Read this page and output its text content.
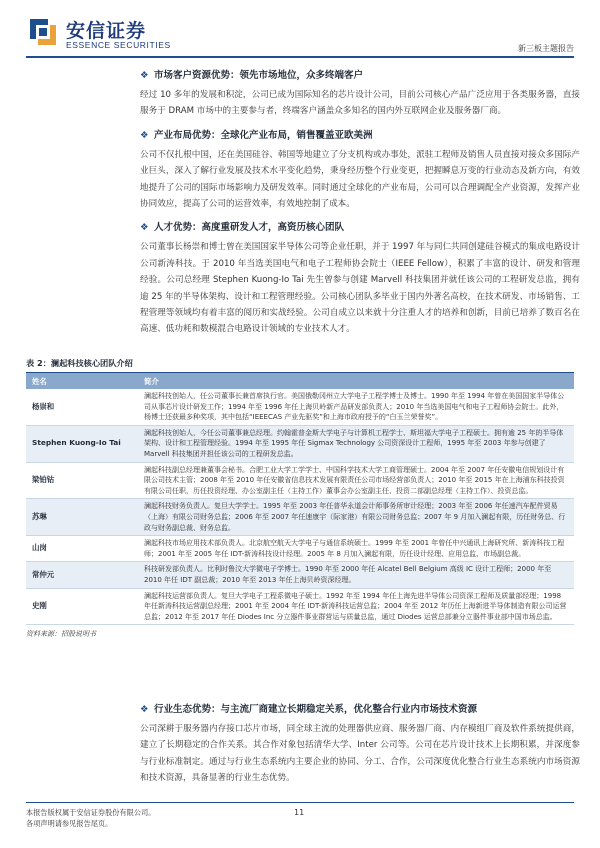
安信证券
ESSENCE SECURITIES	新三板主题报告
❖ 市场客户资源优势：领先市场地位，众多终端客户

经过 10 多年的发展和积淀，公司已成为国际知名的芯片设计公司，目前公司核心产品广泛应用于各类服务器，直接服务于 DRAM 市场中的主要参与者，终端客户涵盖众多知名的国内外互联网企业及服务器厂商。

❖ 产业布局优势：全球化产业布局，销售覆盖亚欧美洲

公司不仅扎根中国，还在美国硅谷、韩国等地建立了分支机构或办事处，派驻工程师及销售人员直接对接众多国际产业巨头，深入了解行业发展及技术水平变化趋势，秉身经历整个行业变更，把握瞬息万变的行业动态及新方向，有效地提升了公司的国际市场影响力及研发效率。同时通过全球化的产业布局，公司可以合理调配全产业资源，发挥产业协同效应，提高了公司的运营效率，有效地控制了成本。

❖ 人才优势：高度重研发人才，高资历核心团队

公司董事长杨崇和博士曾在美国国家半导体公司等企业任职，并于 1997 年与同仁共同创建硅谷模式的集成电路设计公司新涛科技。于 2010 年当选美国电气和电子工程师协会院士（IEEE Fellow），积累了丰富的设计、研发和管理经验。公司总经理 Stephen Kuong-Io Tai 先生曾参与创建 Marvell 科技集团并就任该公司的工程研发总监，拥有逾 25 年的半导体架构、设计和工程管理经验。公司核心团队多毕业于国内外著名高校，在技术研发、市场销售、工程管理等领域均有着丰富的阅历和实战经验。公司自成立以来就十分注重人才的培养和创新，目前已培养了数百名在高速、低功耗和数模混合电路设计领域的专业技术人才。

表 2：澜起科技核心团队介绍
姓名	简介
杨崇和	澜起科技创始人，任公司董事长兼首席执行官。美国俄勒冈州立大学电子工程学博士及博士。1990 年至 1994 年曾在美国国家半导体公司从事芯片设计研发工作；1994 年至 1996 年任上海贝岭新产品研发部负责人；2010 年当选美国电气和电子工程师协会院士。此外，杨博士还获最多种奖项，其中包括“IEEECAS 产业先驱奖”和上海市政府授予的“白玉兰荣誉奖”。
Stephen Kuong-Io Tai	澜起科技创始人，今任公司董事兼总经理。约翰霍普金斯大学电子与计算机工程学士、斯坦福大学电子工程硕士。拥有逾 25 年的半导体架构、设计和工程管理经验。1994 年至 1995 年任 Sigmax Technology 公司资深设计工程师，1995 年至 2003 年参与创建了 Marvell 科技集团并担任该公司的工程研发总监。
梁铂钴	澜起科技副总经理兼董事会秘书。合肥工业大学工学学士、中国科学技术大学工商管理硕士。2004 年至 2007 年任安徽电信规划设计有限公司技术主管；2008 年至 2010 年任安徽省信息技术发展有限责任公司市场经营部负责人；2010 年至 2015 年在上海浦东科技投资有限公司任职，历任投资经理、办公室副主任（主持工作）董事会办公室副主任、投资二部副总经理（主持工作）、投资总监。
苏琳	澜起科技财务负责人。复旦大学学士。1995 年至 2003 年任普华永道会计师事务所审计经理；2003 年至 2006 年任速汽车配件贸易（上海）有限公司财务总监；2006 年至 2007 年任速康宇（际家港）有限公司财务总监；2007 年 9 月加入澜起有限，历任财务总、行政与财务副总裁、财务总监。
山岗	澜起科技市场应用技术部负责人。北京航空航天大学电子与通信系统硕士。1999 年至 2001 年曾任中兴通讯上海研究所、新涛科技工程师；2001 年至 2005 年任 IDT-新涛科技设计经理。2005 年 8 月加入澜起有限，历任设计经理、应用总监、市场副总裁。
常仲元	科技研发部负责人。比利时鲁汶大学微电子学博士。1990 年至 2000 年任 Alcatel Bell Belgium 高级 IC 设计工程师；2000 年至 2010 年任 IDT 副总裁；2010 年至 2013 年任上海贝岭资深经理。
史刚	澜起科技运营部负责人。复旦大学电子工程系微电子硕士。1992 年至 1994 年任上海先进半导体公司资深工程师及质量部经理；1998 年任新涛科技运营副总经理；2001 年至 2004 年任 IDT-新涛科技运营总监；2004 年至 2012 年历任上海新进半导体制造有限公司运营总监；2012 年至 2017 年任 Diodes Inc 分立器件事业群营运与质量总监，通过 Diodes 运营总部兼分立器件事业部中国市场总监。
资料来源：招股说明书
❖ 行业生态优势：与主流厂商建立长期稳定关系，优化整合行业内市场技术资源

公司深耕于服务器内存接口芯片市场，同全球主流的处理器供应商、服务器厂商、内存模组厂商及软件系统提供商，建立了长期稳定的合作关系。其合作对象包括清华大学、Inter 公司等。公司在芯片设计技术上长期积累，并深度参与行业标准制定。通过与行业生态系统内主要企业的协同、分工、合作，公司深度优化整合行业生态系统内市场资源和技术资源，具备显著的行业生态优势。

本报告版权属于安信证券股份有限公司。
各项声明请参见报告尾页。
11
